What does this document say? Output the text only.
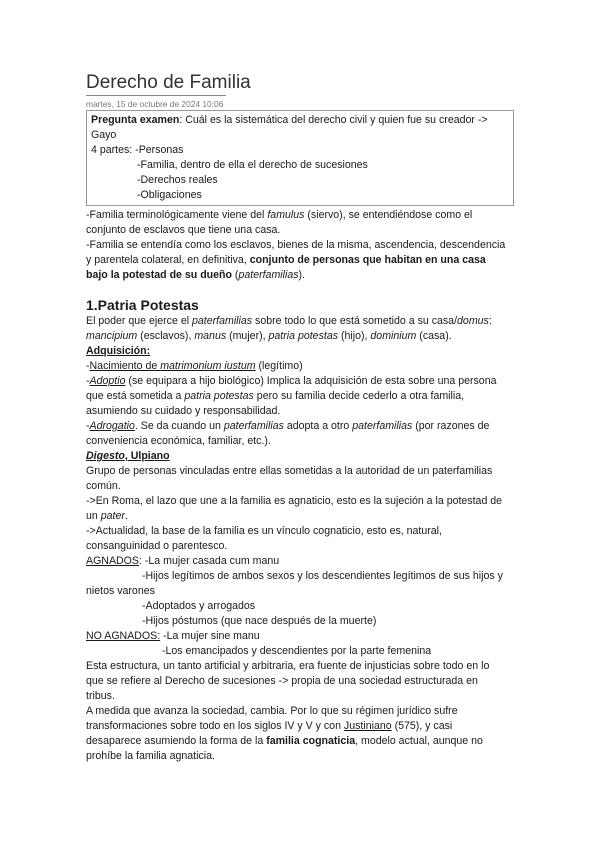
Derecho de Familia
martes, 15 de octubre de 2024 10:06

Pregunta examen: Cuál es la sistemática del derecho civil y quien fue su creador ->

Gayo

4 partes: -Personas

-Familia, dentro de ella el derecho de sucesiones

-Derechos reales

-Obligaciones

-Familia terminológicamente viene del famulus (siervo), se entendiéndose como el

conjunto de esclavos que tiene una casa.

-Familia se entendía como los esclavos, bienes de la misma, ascendencia, descendencia

y parentela colateral, en definitiva, conjunto de personas que habitan en una casa

bajo la potestad de su dueño (paterfamilias).

1.Patria Potestas

El poder que ejerce el paterfamilias sobre todo lo que está sometido a su casa/domus:

mancipium (esclavos), manus (mujer), patria potestas (hijo), dominium (casa).

Adquisición:

-Nacimiento de matrimonium iustum (legítimo)

-Adoptio (se equipara a hijo biológico) Implica la adquisición de esta sobre una persona

que está sometida a patria potestas pero su familia decide cederlo a otra familia,

asumiendo su cuidado y responsabilidad.

-Adrogatio. Se da cuando un paterfamilias adopta a otro paterfamilias (por razones de

conveniencia económica, familiar, etc.).

Digesto, Ulpiano

Grupo de personas vinculadas entre ellas sometidas a la autoridad de un paterfamilias

común.

->En Roma, el lazo que une a la familia es agnaticio, esto es la sujeción a la potestad de

un pater.

->Actualidad, la base de la familia es un vínculo cognaticio, esto es, natural,

consanguinidad o parentesco.

AGNADOS: -La mujer casada cum manu

-Hijos legítimos de ambos sexos y los descendientes legítimos de sus hijos y

nietos varones

-Adoptados y arrogados

-Hijos póstumos (que nace después de la muerte)

NO AGNADOS: -La mujer sine manu

-Los emancipados y descendientes por la parte femenina

Esta estructura, un tanto artificial y arbitraria, era fuente de injusticias sobre todo en lo

que se refiere al Derecho de sucesiones -> propia de una sociedad estructurada en

tribus.

A medida que avanza la sociedad, cambia. Por lo que su régimen jurídico sufre

transformaciones sobre todo en los siglos IV y V y con Justiniano (575), y casi

desaparece asumiendo la forma de la familia cognaticia, modelo actual, aunque no

prohíbe la familia agnaticia.
